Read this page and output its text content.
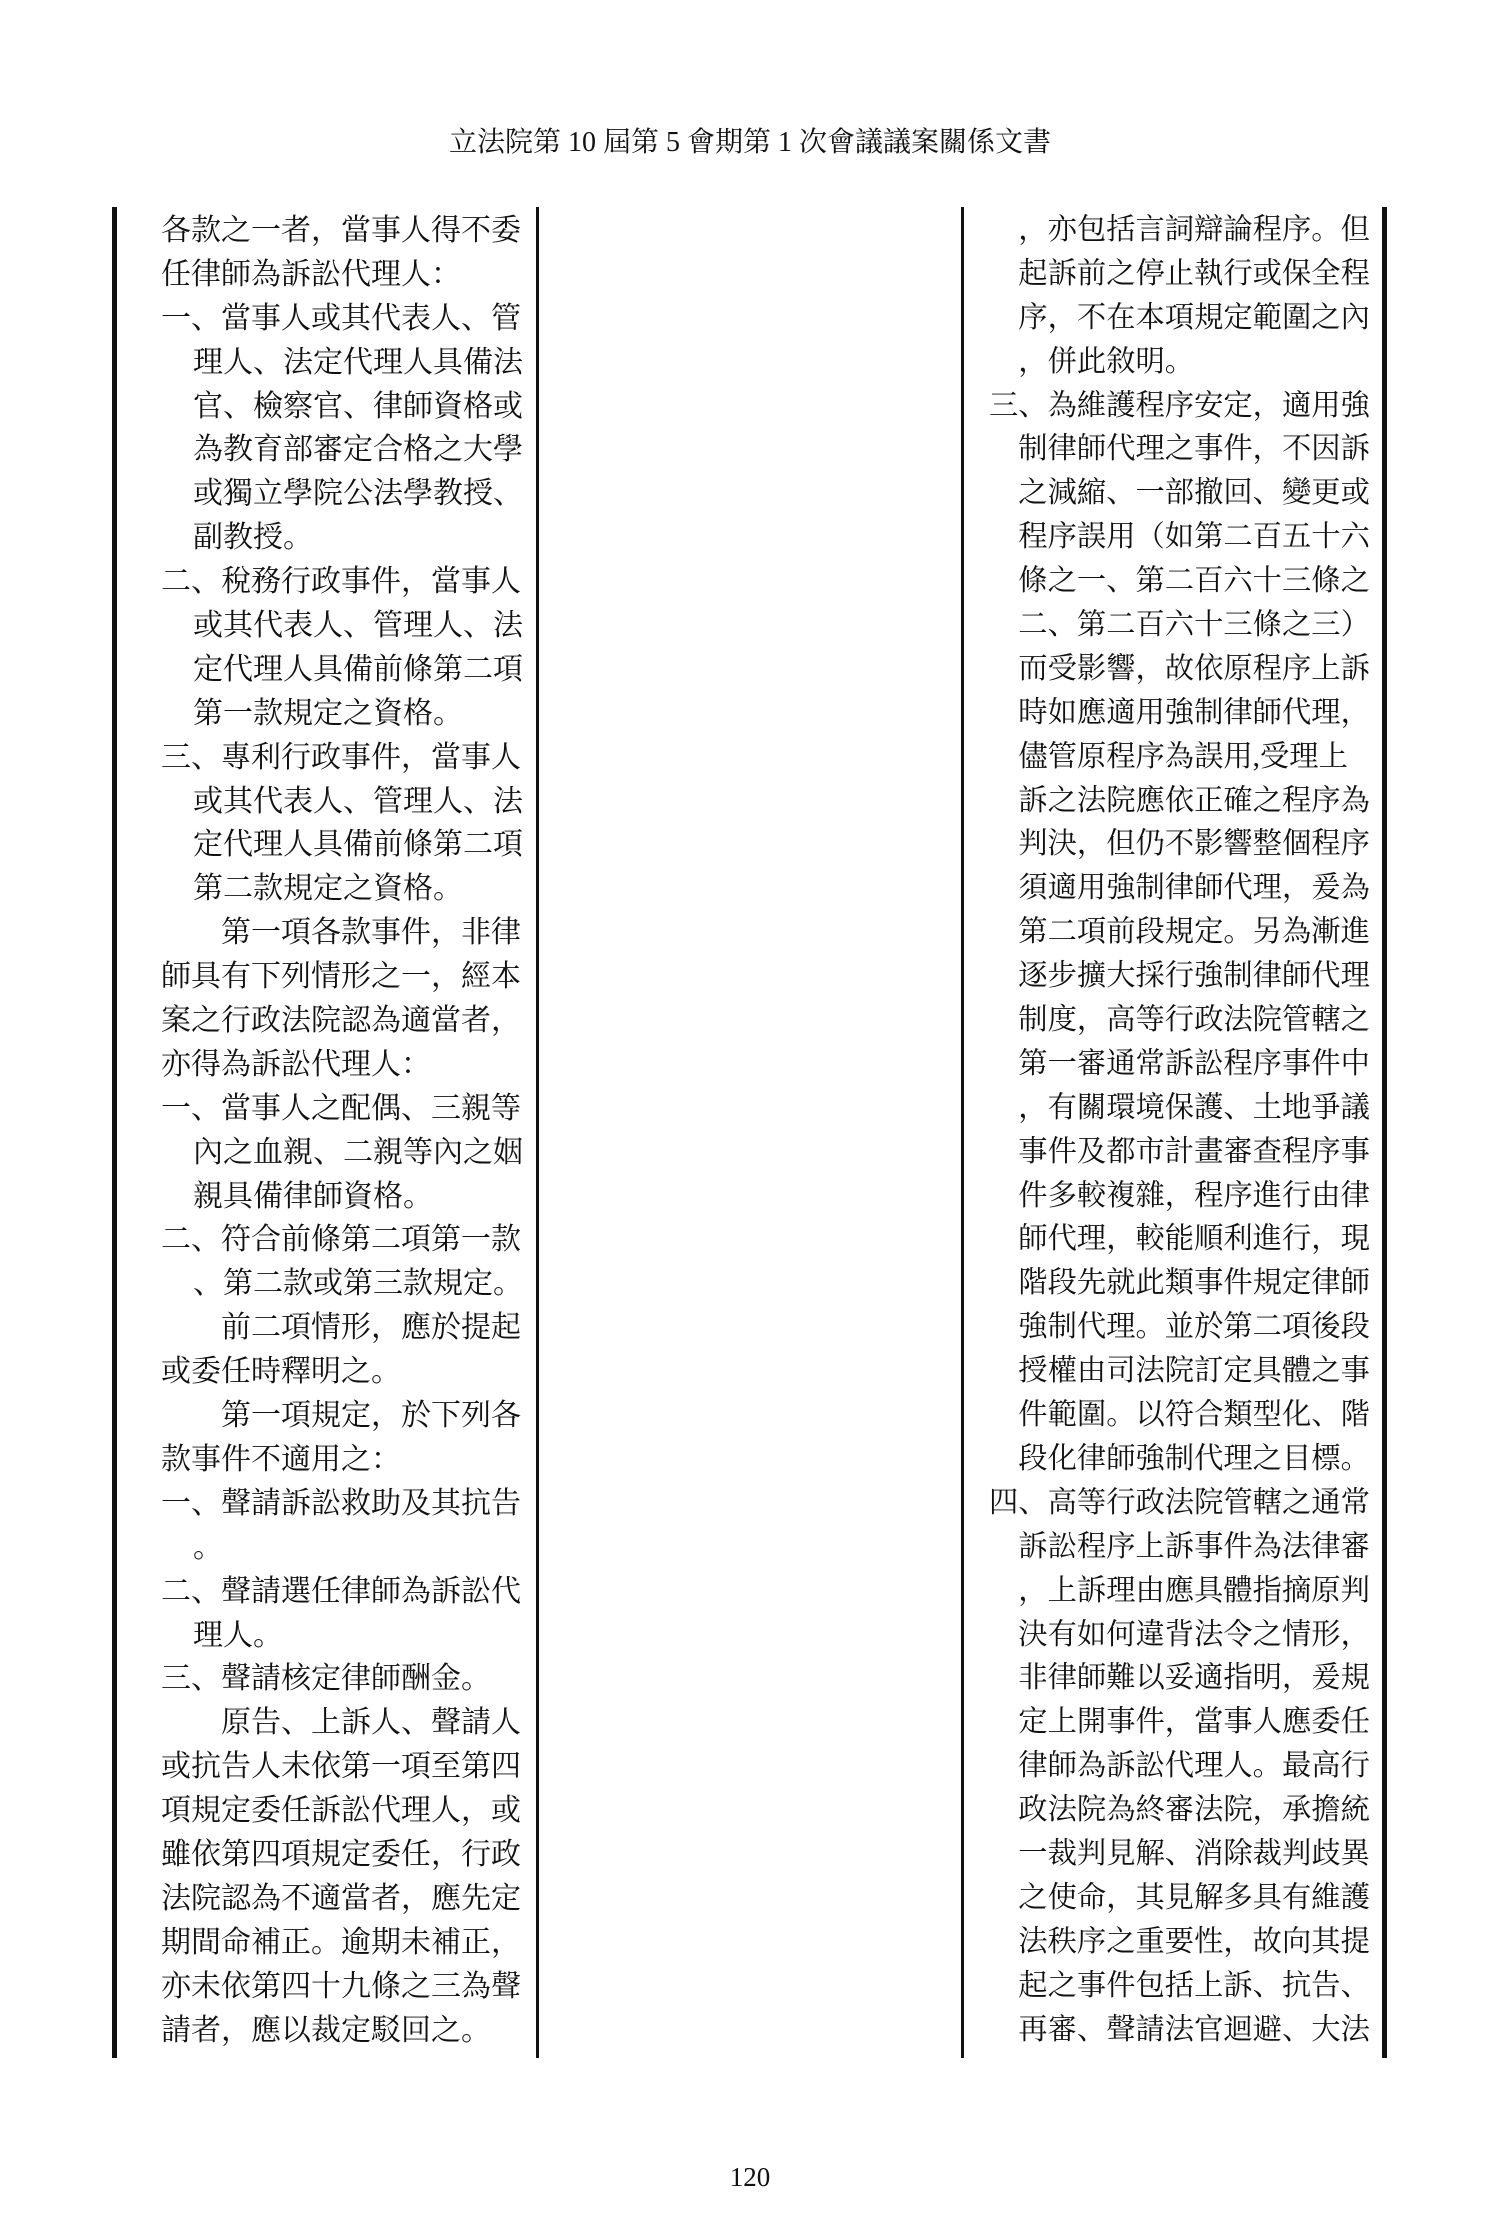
立法院第 10 屆第 5 會期第 1 次會議議案關係文書
各款之一者，當事人得不委
任律師為訴訟代理人：
一、當事人或其代表人、管
理人、法定代理人具備法
官、檢察官、律師資格或
為教育部審定合格之大學
或獨立學院公法學教授、
副教授。
二、稅務行政事件，當事人
或其代表人、管理人、法
定代理人具備前條第二項
第一款規定之資格。
三、專利行政事件，當事人
或其代表人、管理人、法
定代理人具備前條第二項
第二款規定之資格。
第一項各款事件，非律
師具有下列情形之一，經本
案之行政法院認為適當者，
亦得為訴訟代理人：
一、當事人之配偶、三親等
內之血親、二親等內之姻
親具備律師資格。
二、符合前條第二項第一款
、第二款或第三款規定。
前二項情形，應於提起
或委任時釋明之。
第一項規定，於下列各
款事件不適用之：
一、聲請訴訟救助及其抗告
。
二、聲請選任律師為訴訟代
理人。
三、聲請核定律師酬金。
原告、上訴人、聲請人
或抗告人未依第一項至第四
項規定委任訴訟代理人，或
雖依第四項規定委任，行政
法院認為不適當者，應先定
期間命補正。逾期未補正，
亦未依第四十九條之三為聲
請者，應以裁定駁回之。
，亦包括言詞辯論程序。但
起訴前之停止執行或保全程
序，不在本項規定範圍之內
，併此敘明。
三、為維護程序安定，適用強
制律師代理之事件，不因訴
之減縮、一部撤回、變更或
程序誤用（如第二百五十六
條之一、第二百六十三條之
二、第二百六十三條之三）
而受影響，故依原程序上訴
時如應適用強制律師代理，
儘管原程序為誤用,受理上
訴之法院應依正確之程序為
判決，但仍不影響整個程序
須適用強制律師代理，爰為
第二項前段規定。另為漸進
逐步擴大採行強制律師代理
制度，高等行政法院管轄之
第一審通常訴訟程序事件中
，有關環境保護、土地爭議
事件及都市計畫審查程序事
件多較複雜，程序進行由律
師代理，較能順利進行，現
階段先就此類事件規定律師
強制代理。並於第二項後段
授權由司法院訂定具體之事
件範圍。以符合類型化、階
段化律師強制代理之目標。
四、高等行政法院管轄之通常
訴訟程序上訴事件為法律審
，上訴理由應具體指摘原判
決有如何違背法令之情形，
非律師難以妥適指明，爰規
定上開事件，當事人應委任
律師為訴訟代理人。最高行
政法院為終審法院，承擔統
一裁判見解、消除裁判歧異
之使命，其見解多具有維護
法秩序之重要性，故向其提
起之事件包括上訴、抗告、
再審、聲請法官迴避、大法
120
